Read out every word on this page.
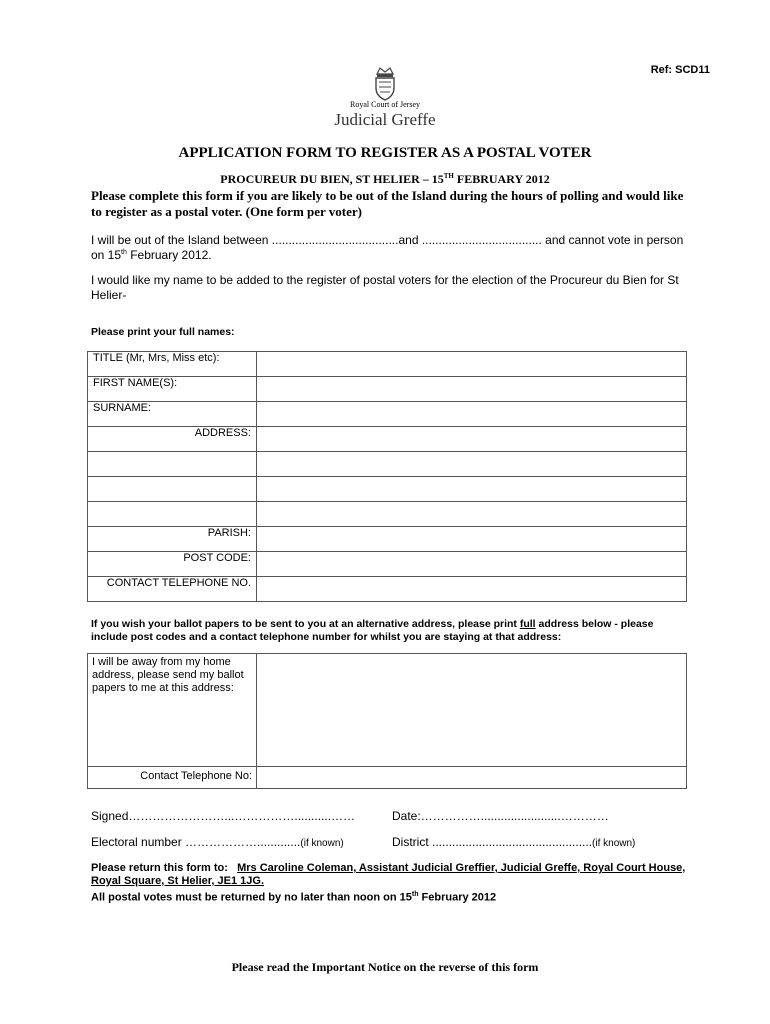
Ref: SCD11
Royal Court of Jersey
Judicial Greffe
APPLICATION FORM TO REGISTER AS A POSTAL VOTER
PROCUREUR DU BIEN, ST HELIER – 15TH FEBRUARY 2012
Please complete this form if you are likely to be out of the Island during the hours of polling and would like to register as a postal voter. (One form per voter)

I will be out of the Island between ......................................and .................................... and cannot vote in person on 15th February 2012.

I would like my name to be added to the register of postal voters for the election of the Procureur du Bien for St Helier-

Please print your full names:
TITLE (Mr, Mrs, Miss etc):	
FIRST NAME(S):	
SURNAME:	
ADDRESS:	

PARISH:	
POST CODE:	
CONTACT TELEPHONE NO.	
If you wish your ballot papers to be sent to you at an alternative address, please print full address below - please include post codes and a contact telephone number for whilst you are staying at that address:
I will be away from my home address, please send my ballot papers to me at this address:
Contact Telephone No:
Signed……………………...……………...........……	Date:……………........................…………
Electoral number ……………….............(if known)	District ................................................(if known)
Please return this form to: Mrs Caroline Coleman, Assistant Judicial Greffier, Judicial Greffe, Royal Court House, Royal Square, St Helier, JE1 1JG.
All postal votes must be returned by no later than noon on 15th February 2012
Please read the Important Notice on the reverse of this form
